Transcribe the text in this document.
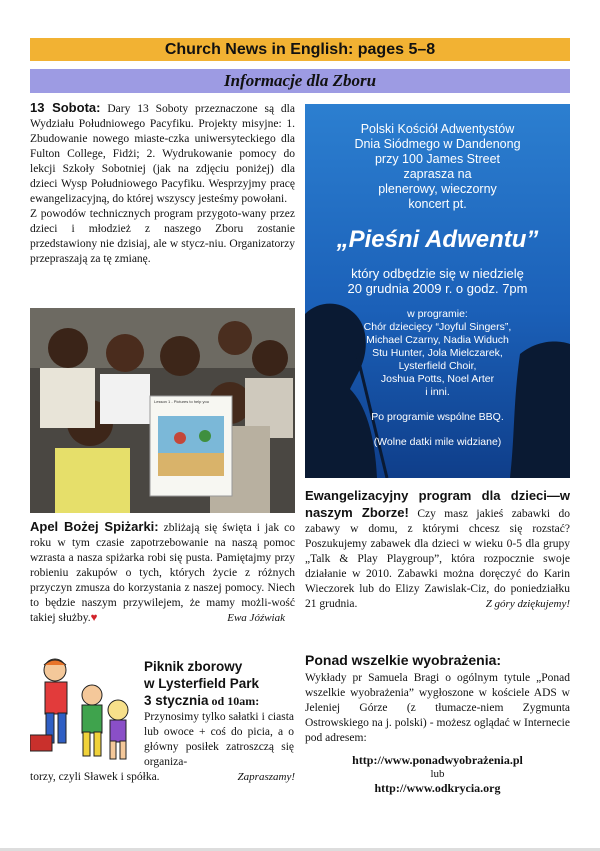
Church News in English: pages 5–8
Informacje dla Zboru

13 Sobota: Dary 13 Soboty przeznaczone są dla Wydziału Południowego Pacyfiku. Projekty misyjne: 1. Zbudowanie nowego miaste-czka uniwersyteckiego dla Fulton College, Fidżi; 2. Wydrukowanie pomocy do lekcji Szkoły Sobotniej (jak na zdjęciu poniżej) dla dzieci Wysp Południowego Pacyfiku. Wesprzyjmy pracę ewangelizacyjną, do której wszyscy jesteśmy powołani.

Z powodów technicznych program przygoto-wany przez dzieci i młodzież z naszego Zboru zostanie przedstawiony nie dzisiaj, ale w stycz-niu. Organizatorzy przepraszają za tę zmianę.

Lesson 1 - Pictures to help you
Polski Kościół Adwentystów
Dnia Siódmego w Dandenong
przy 100 James Street
zaprasza na
plenerowy, wieczorny
koncert pt.
„Pieśni Adwentu”
który odbędzie się w niedzielę
20 grudnia 2009 r. o godz. 7pm
w programie:
Chór dziecięcy “Joyful Singers”,
Michael Czarny, Nadia Widuch
Stu Hunter, Jola Mielczarek,
Lysterfield Choir,
Joshua Potts, Noel Arter
i inni.
Po programie wspólne BBQ.
(Wolne datki mile widziane)

Apel Bożej Spiżarki: zbliżają się święta i jak co roku w tym czasie zapotrzebowanie na naszą pomoc wzrasta a nasza spiżarka robi się pusta. Pamiętajmy przy robieniu zakupów o tych, których życie z różnych przyczyn zmusza do korzystania z naszej pomocy. Niech to będzie naszym przywilejem, że mamy możli-wość takiej służby.♥	Ewa Jóźwiak

Ewangelizacyjny program dla dzieci—w naszym Zborze! Czy masz jakieś zabawki do zabawy w domu, z którymi chcesz się rozstać? Poszukujemy zabawek dla dzieci w wieku 0-5 dla grupy „Talk & Play Playgroup”, która rozpocznie swoje działanie w 2010. Zabawki można doręczyć do Karin Wieczorek lub do Elizy Zawislak-Ciz, do poniedziałku 21 grudnia.	Z góry dziękujemy!

Piknik zborowy
w Lysterfield Park
3 stycznia od 10am:

Przynosimy tylko sałatki i ciasta lub owoce + coś do picia, a o główny posiłek zatroszczą się organiza-

torzy, czyli Sławek i spółka.	Zapraszamy!

Ponad wszelkie wyobrażenia:

Wykłady pr Samuela Bragi o ogólnym tytule „Ponad wszelkie wyobrażenia” wygłoszone w kościele ADS w Jeleniej Górze (z tłumacze-niem Zygmunta Ostrowskiego na j. polski) - możesz oglądać w Internecie pod adresem:

http://www.ponadwyobrażenia.pl
lub
http://www.odkrycia.org
